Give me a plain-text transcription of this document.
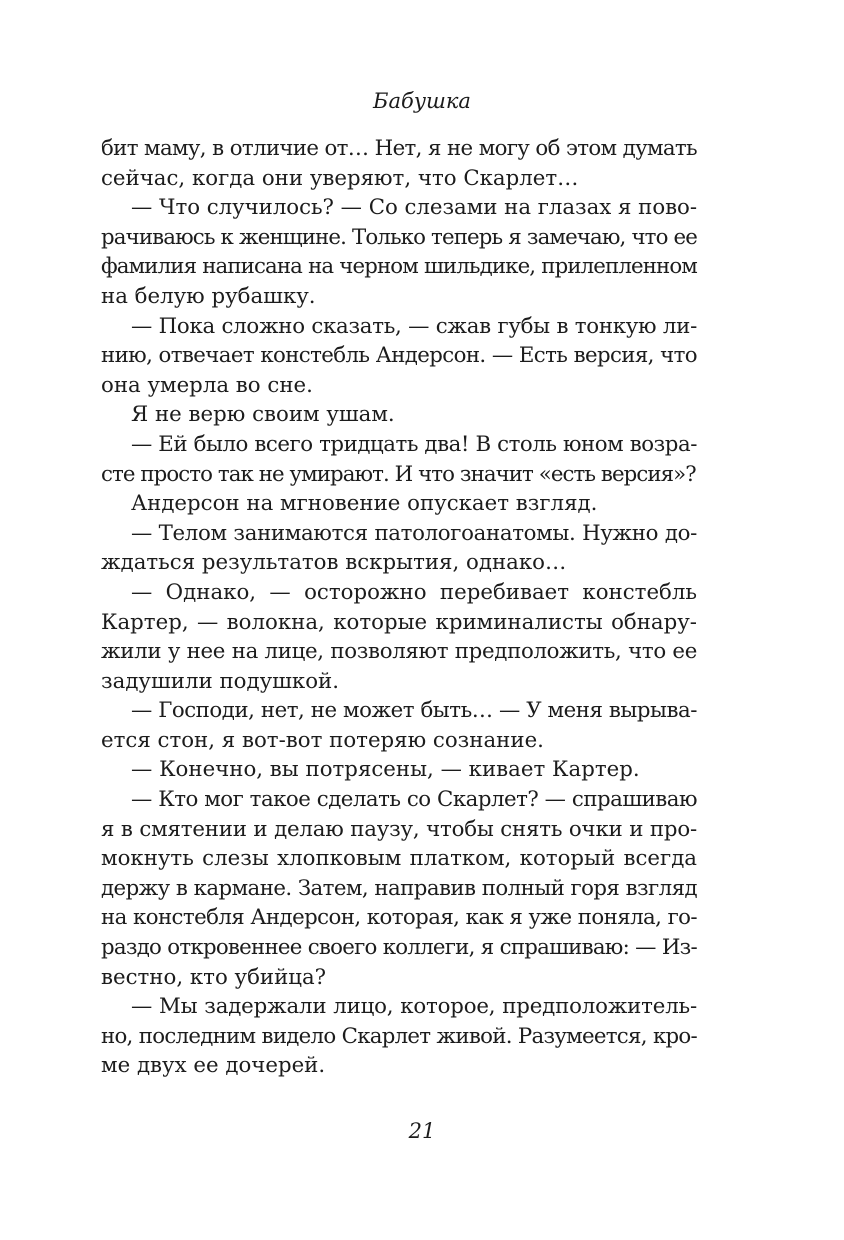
Бабушка
бит маму, в отличие от… Нет, я не могу об этом думать
сейчас, когда они уверяют, что Скарлет…
— Что случилось? — Со слезами на глазах я пово-
рачиваюсь к женщине. Только теперь я замечаю, что ее
фамилия написана на черном шильдике, прилепленном
на белую рубашку.
— Пока сложно сказать, — сжав губы в тонкую ли-
нию, отвечает констебль Андерсон. — Есть версия, что
она умерла во сне.
Я не верю своим ушам.
— Ей было всего тридцать два! В столь юном возра-
сте просто так не умирают. И что значит «есть версия»?
Андерсон на мгновение опускает взгляд.
— Телом занимаются патологоанатомы. Нужно до-
ждаться результатов вскрытия, однако…
— Однако, — осторожно перебивает констебль
Картер, — волокна, которые криминалисты обнару-
жили у нее на лице, позволяют предположить, что ее
задушили подушкой.
— Господи, нет, не может быть… — У меня вырыва-
ется стон, я вот-вот потеряю сознание.
— Конечно, вы потрясены, — кивает Картер.
— Кто мог такое сделать со Скарлет? — спрашиваю
я в смятении и делаю паузу, чтобы снять очки и про-
мокнуть слезы хлопковым платком, который всегда
держу в кармане. Затем, направив полный горя взгляд
на констебля Андерсон, которая, как я уже поняла, го-
раздо откровеннее своего коллеги, я спрашиваю: — Из-
вестно, кто убийца?
— Мы задержали лицо, которое, предположитель-
но, последним видело Скарлет живой. Разумеется, кро-
ме двух ее дочерей.
21
